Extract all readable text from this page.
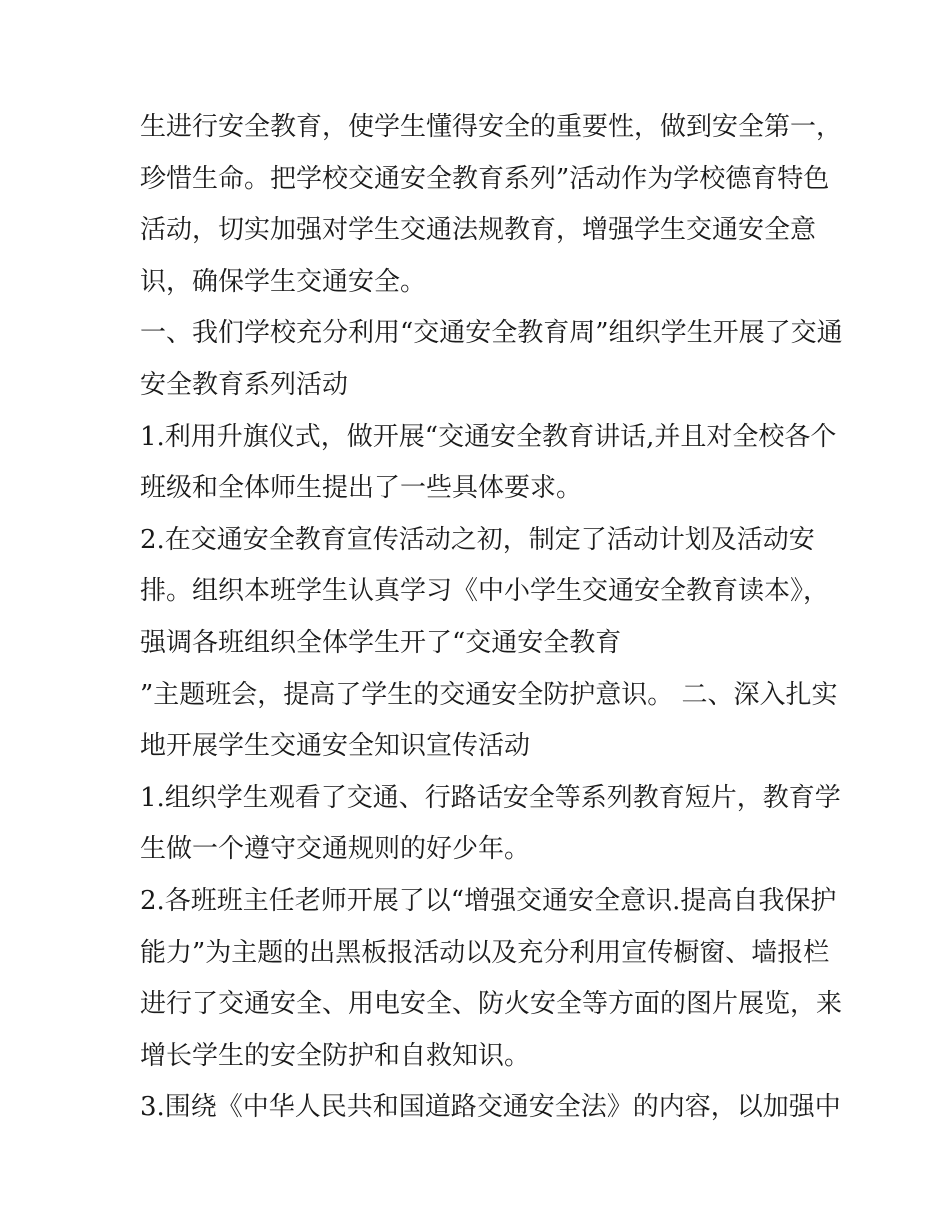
生进行安全教育，使学生懂得安全的重要性，做到安全第一，
珍惜生命。把学校交通安全教育系列”活动作为学校德育特色
活动，切实加强对学生交通法规教育，增强学生交通安全意
识，确保学生交通安全。
一、我们学校充分利用“交通安全教育周”组织学生开展了交通
安全教育系列活动
1.利用升旗仪式，做开展“交通安全教育讲话,并且对全校各个
班级和全体师生提出了一些具体要求。
2.在交通安全教育宣传活动之初，制定了活动计划及活动安
排。组织本班学生认真学习《中小学生交通安全教育读本》，
强调各班组织全体学生开了“交通安全教育
”主题班会，提高了学生的交通安全防护意识。 二、深入扎实
地开展学生交通安全知识宣传活动
1.组织学生观看了交通、行路话安全等系列教育短片，教育学
生做一个遵守交通规则的好少年。
2.各班班主任老师开展了以“增强交通安全意识.提高自我保护
能力”为主题的出黑板报活动以及充分利用宣传橱窗、墙报栏
进行了交通安全、用电安全、防火安全等方面的图片展览，来
增长学生的安全防护和自救知识。
3.围绕《中华人民共和国道路交通安全法》的内容，以加强中
